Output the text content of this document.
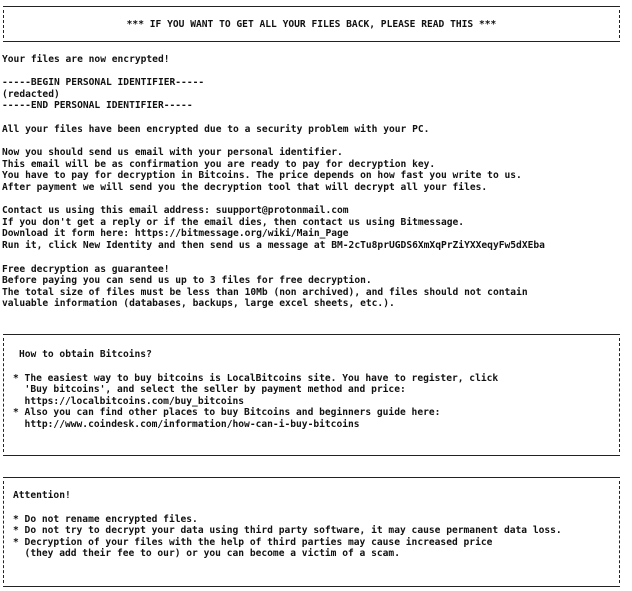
*** IF YOU WANT TO GET ALL YOUR FILES BACK, PLEASE READ THIS ***
Your files are now encrypted!
-----BEGIN PERSONAL IDENTIFIER-----
(redacted)
-----END PERSONAL IDENTIFIER-----
All your files have been encrypted due to a security problem with your PC.
Now you should send us email with your personal identifier.
This email will be as confirmation you are ready to pay for decryption key.
You have to pay for decryption in Bitcoins. The price depends on how fast you write to us.
After payment we will send you the decryption tool that will decrypt all your files.
Contact us using this email address: suupport@protonmail.com
If you don't get a reply or if the email dies, then contact us using Bitmessage.
Download it form here: https://bitmessage.org/wiki/Main_Page
Run it, click New Identity and then send us a message at BM-2cTu8prUGDS6XmXqPrZiYXXeqyFw5dXEba
Free decryption as guarantee!
Before paying you can send us up to 3 files for free decryption.
The total size of files must be less than 10Mb (non archived), and files should not contain
valuable information (databases, backups, large excel sheets, etc.).
How to obtain Bitcoins?
* The easiest way to buy bitcoins is LocalBitcoins site. You have to register, click
'Buy bitcoins', and select the seller by payment method and price:
https://localbitcoins.com/buy_bitcoins
* Also you can find other places to buy Bitcoins and beginners guide here:
http://www.coindesk.com/information/how-can-i-buy-bitcoins
Attention!
* Do not rename encrypted files.
* Do not try to decrypt your data using third party software, it may cause permanent data loss.
* Decryption of your files with the help of third parties may cause increased price
(they add their fee to our) or you can become a victim of a scam.
